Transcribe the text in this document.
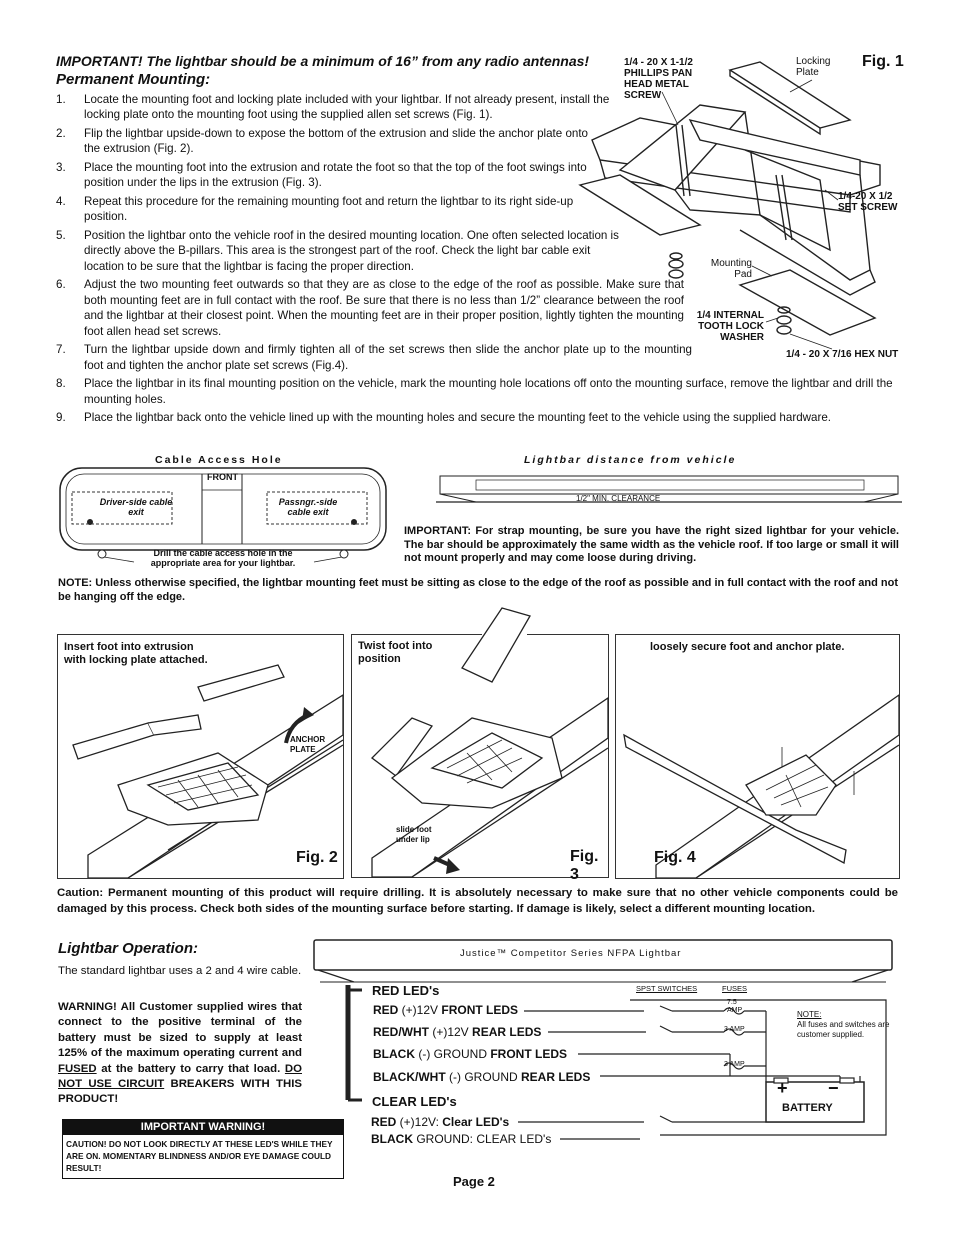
IMPORTANT! The lightbar should be a minimum of 16” from any radio antennas!
Permanent Mounting:
1. Locate the mounting foot and locking plate included with your lightbar. If not already present, install the locking plate onto the mounting foot using the supplied allen set screws (Fig. 1).
2. Flip the lightbar upside-down to expose the bottom of the extrusion and slide the anchor plate onto the extrusion (Fig. 2).
3. Place the mounting foot into the extrusion and rotate the foot so that the top of the foot swings into position under the lips in the extrusion (Fig. 3).
4. Repeat this procedure for the remaining mounting foot and return the lightbar to its right side-up position.
5. Position the lightbar onto the vehicle roof in the desired mounting location. One often selected location is directly above the B-pillars. This area is the strongest part of the roof. Check the light bar cable exit location to be sure that the lightbar is facing the proper direction.
6. Adjust the two mounting feet outwards so that they are as close to the edge of the roof as possible. Make sure that both mounting feet are in full contact with the roof. Be sure that there is no less than 1/2” clearance between the roof and the lightbar at their closest point. When the mounting feet are in their proper position, lightly tighten the mounting foot allen head set screws.
7. Turn the lightbar upside down and firmly tighten all of the set screws then slide the anchor plate up to the mounting foot and tighten the anchor plate set screws (Fig.4).
8. Place the lightbar in its final mounting position on the vehicle, mark the mounting hole locations off onto the mounting surface, remove the lightbar and drill the mounting holes.
9. Place the lightbar back onto the vehicle lined up with the mounting holes and secure the mounting feet to the vehicle using the supplied hardware.
1/4 - 20 X 1-1/2 PHILLIPS PAN HEAD METAL SCREW
Locking Plate
Fig. 1
1/4-20 X 1/2 SET SCREW
Mounting Pad
1/4 INTERNAL TOOTH LOCK WASHER
1/4 - 20 X 7/16 HEX NUT
Cable Access Hole
FRONT
Driver-side cable exit
Passngr.-side cable exit
Drill the cable access hole in the appropriate area for your lightbar.
Lightbar distance from vehicle
1/2" MIN. CLEARANCE
IMPORTANT: For strap mounting, be sure you have the right sized lightbar for your vehicle. The bar should be approximately the same width as the vehicle roof. If too large or small it will not mount properly and may come loose during driving.
NOTE: Unless otherwise specified, the lightbar mounting feet must be sitting as close to the edge of the roof as possible and in full contact with the roof and not be hanging off the edge.
Insert foot into extrusion with locking plate attached.
ANCHOR PLATE
Fig. 2
Twist foot into position
slide foot under lip
Fig. 3
loosely secure foot and anchor plate.
Fig. 4
Caution: Permanent mounting of this product will require drilling. It is absolutely necessary to make sure that no other vehicle components could be damaged by this process. Check both sides of the mounting surface before starting. If damage is likely, select a different mounting location.
Lightbar Operation:
The standard lightbar uses a 2 and 4 wire cable.
WARNING! All Customer supplied wires that connect to the positive terminal of the battery must be sized to supply at least 125% of the maximum operating current and FUSED at the battery to carry that load. DO NOT USE CIRCUIT BREAKERS WITH THIS PRODUCT!
IMPORTANT WARNING!
CAUTION! DO NOT LOOK DIRECTLY AT THESE LED'S WHILE THEY ARE ON. MOMENTARY BLINDNESS AND/OR EYE DAMAGE COULD RESULT!
Justice™ Competitor Series NFPA Lightbar
RED LED's
CLEAR LED's
SPST SWITCHES	FUSES
7.5 AMP
3 AMP
3 AMP
NOTE:
All fuses and switches are customer supplied.
+ −
BATTERY
RED (+)12V FRONT LEDS
RED/WHT (+)12V REAR LEDS
BLACK (-) GROUND FRONT LEDS
BLACK/WHT (-) GROUND REAR LEDS
RED (+)12V: Clear LED's
BLACK GROUND: CLEAR LED's
Page 2
